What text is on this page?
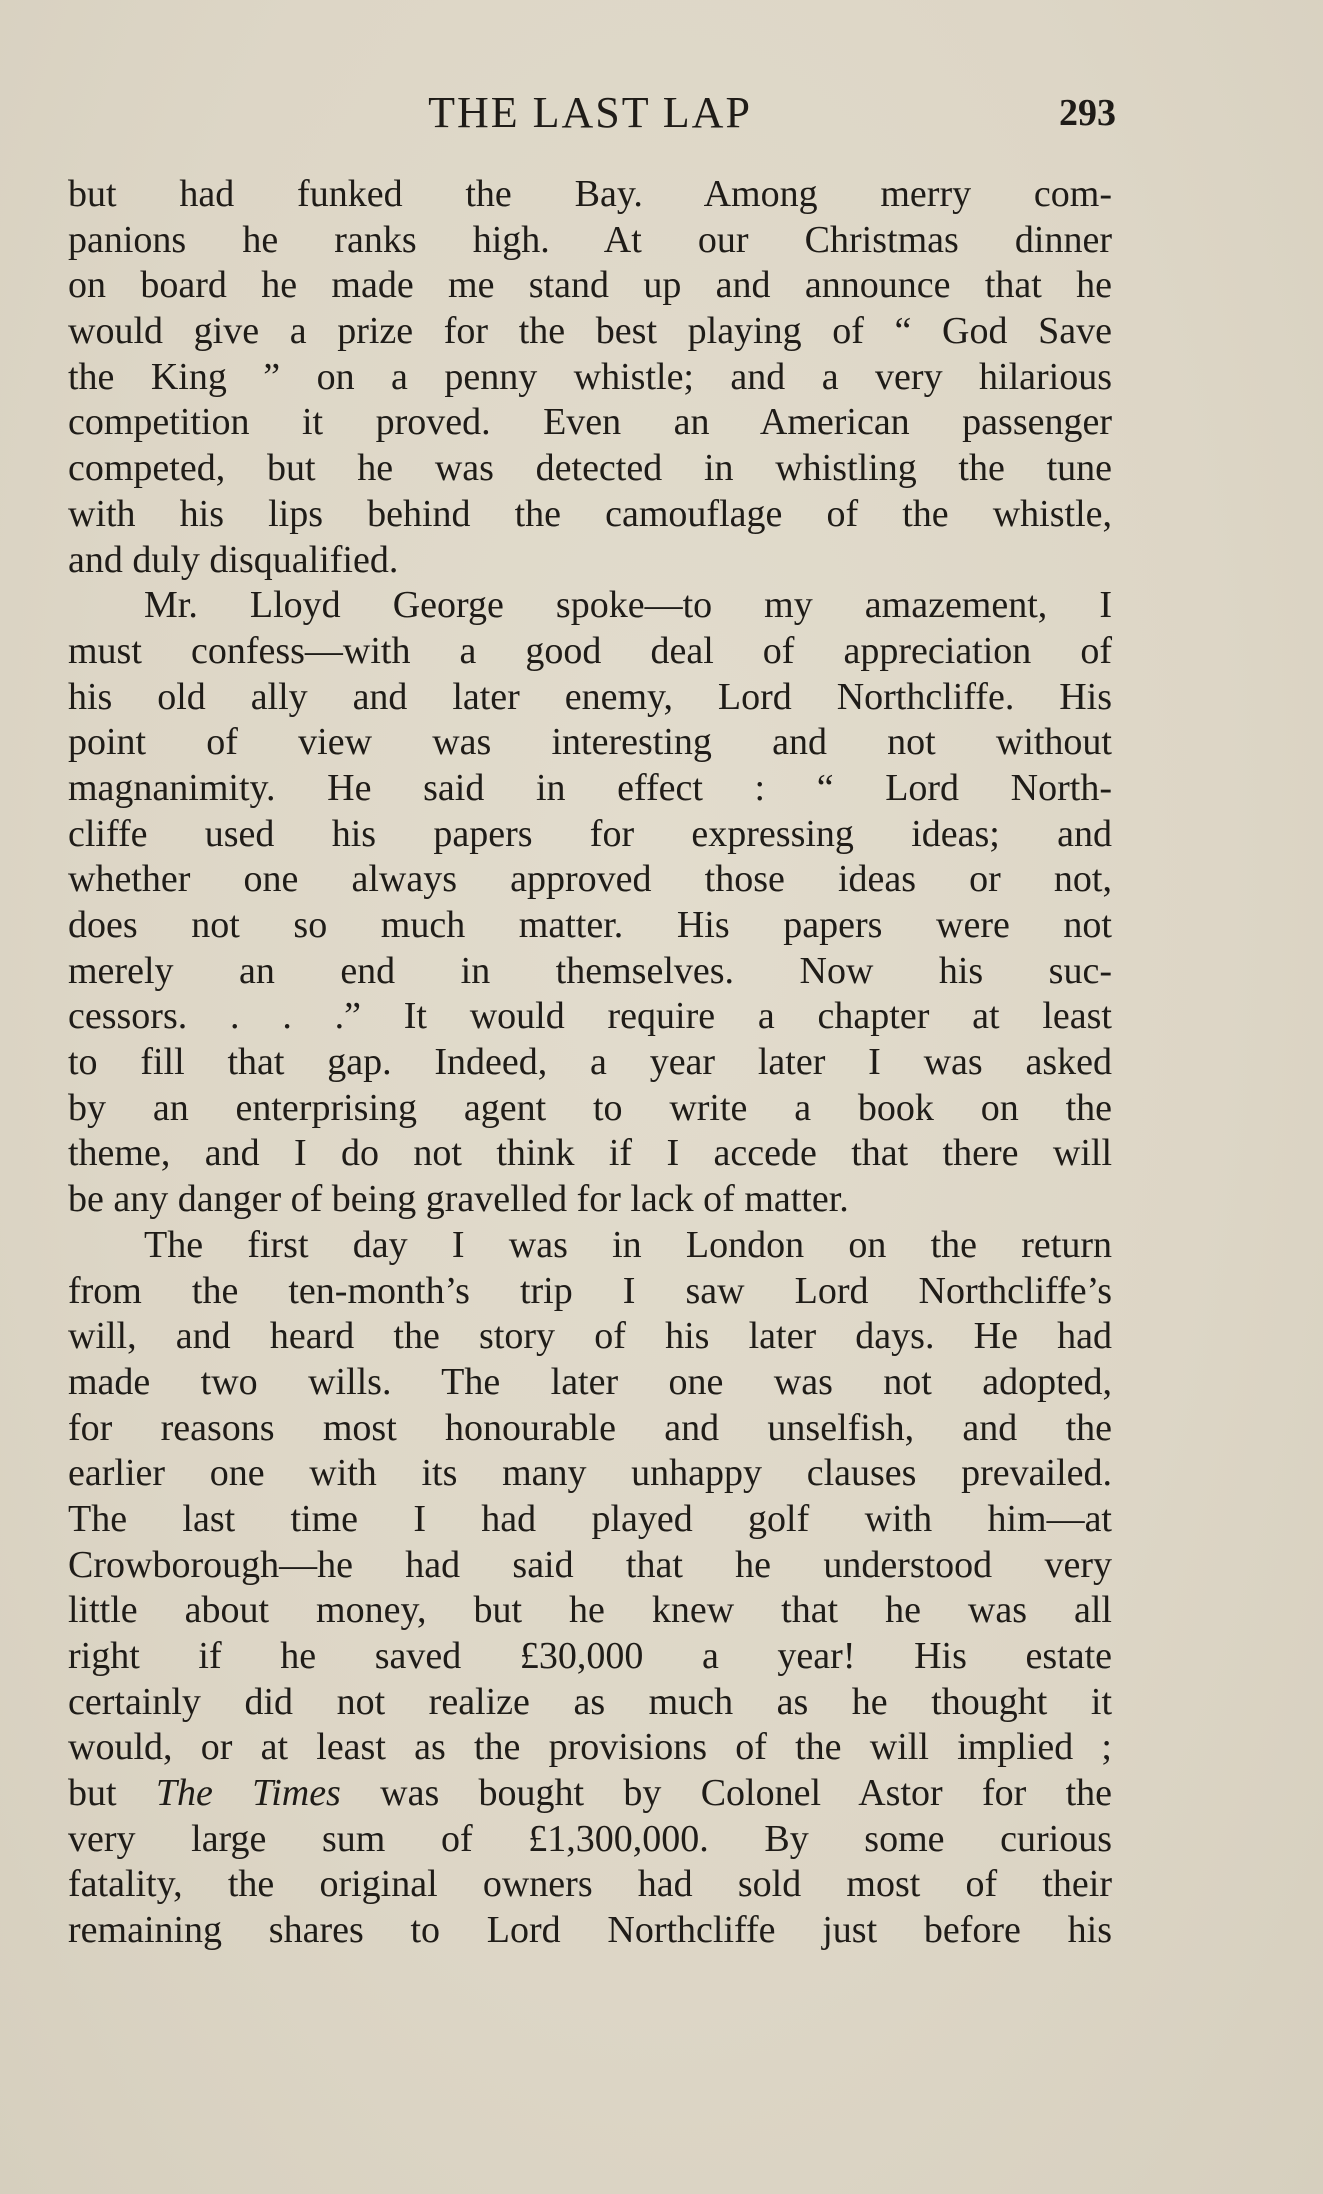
THE LAST LAP	293
but had funked the Bay. Among merry com-
panions he ranks high. At our Christmas dinner
on board he made me stand up and announce that he
would give a prize for the best playing of “ God Save
the King ” on a penny whistle; and a very hilarious
competition it proved. Even an American passenger
competed, but he was detected in whistling the tune
with his lips behind the camouflage of the whistle,
and duly disqualified.
Mr. Lloyd George spoke—to my amazement, I
must confess—with a good deal of appreciation of
his old ally and later enemy, Lord Northcliffe. His
point of view was interesting and not without
magnanimity. He said in effect : “ Lord North-
cliffe used his papers for expressing ideas; and
whether one always approved those ideas or not,
does not so much matter. His papers were not
merely an end in themselves. Now his suc-
cessors. . . .” It would require a chapter at least
to fill that gap. Indeed, a year later I was asked
by an enterprising agent to write a book on the
theme, and I do not think if I accede that there will
be any danger of being gravelled for lack of matter.
The first day I was in London on the return
from the ten-month’s trip I saw Lord Northcliffe’s
will, and heard the story of his later days. He had
made two wills. The later one was not adopted,
for reasons most honourable and unselfish, and the
earlier one with its many unhappy clauses prevailed.
The last time I had played golf with him—at
Crowborough—he had said that he understood very
little about money, but he knew that he was all
right if he saved £30,000 a year! His estate
certainly did not realize as much as he thought it
would, or at least as the provisions of the will implied ;
but The Times was bought by Colonel Astor for the
very large sum of £1,300,000. By some curious
fatality, the original owners had sold most of their
remaining shares to Lord Northcliffe just before his
